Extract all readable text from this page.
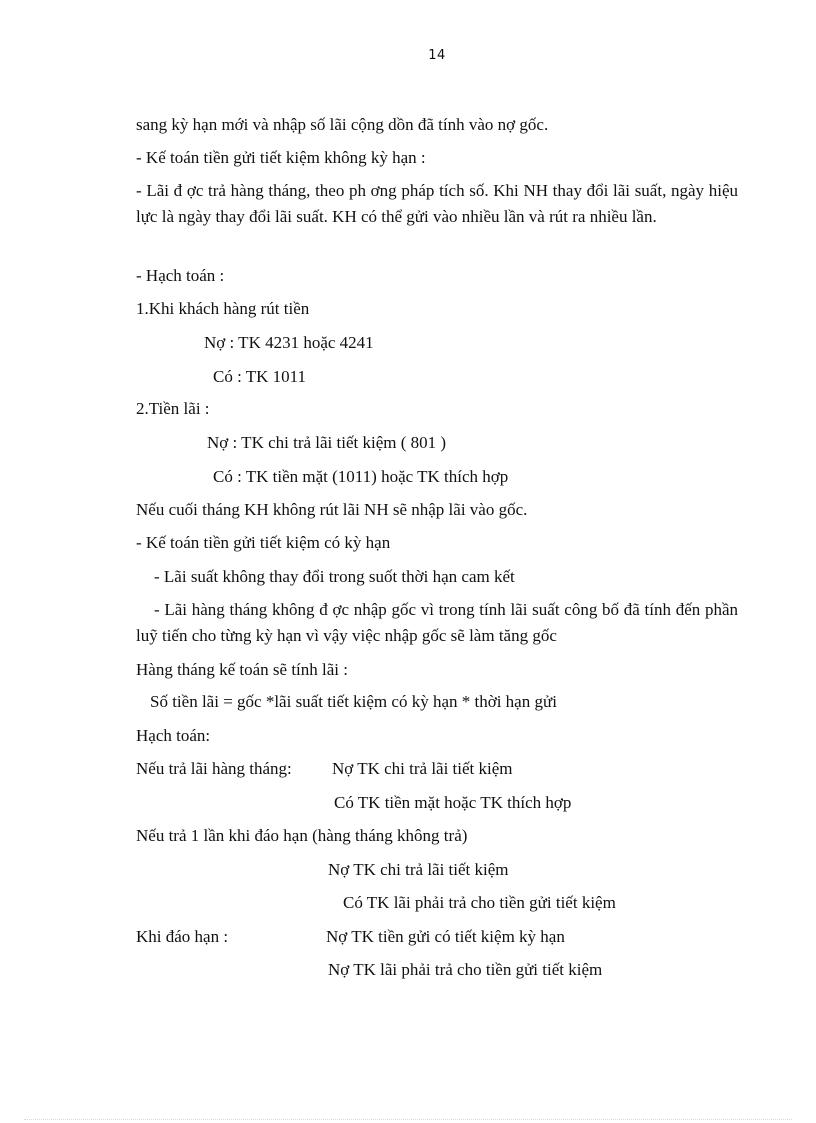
14
sang kỳ hạn mới và nhập số lãi cộng dồn đã tính vào nợ gốc.
- Kế toán tiền gửi tiết kiệm không kỳ hạn :
- Lãi đ ợc trả hàng tháng, theo ph ơng pháp tích số. Khi NH thay đổi lãi suất, ngày hiệu lực là ngày thay đổi lãi suất. KH có thể gửi vào nhiều lần và rút ra nhiều lần.
- Hạch toán :
1.Khi khách hàng rút tiền
Nợ : TK 4231 hoặc 4241
Có : TK 1011
2.Tiền lãi :
Nợ : TK chi trả lãi tiết kiệm ( 801 )
Có : TK tiền mặt (1011) hoặc TK thích hợp
Nếu cuối tháng KH không rút lãi NH sẽ nhập lãi vào gốc.
- Kế toán tiền gửi tiết kiệm có kỳ hạn
- Lãi suất không thay đổi trong suốt thời hạn cam kết
- Lãi hàng tháng không đ ợc nhập gốc vì trong tính lãi suất công bố đã tính đến phần luỹ tiến cho từng kỳ hạn vì vậy việc nhập gốc sẽ làm tăng gốc
Hàng tháng kế toán sẽ tính lãi :
Số tiền lãi = gốc *lãi suất tiết kiệm có kỳ hạn * thời hạn gửi
Hạch toán:
Nếu trả lãi hàng tháng: Nợ TK chi trả lãi tiết kiệm
Có TK tiền mặt hoặc TK thích hợp
Nếu trả 1 lần khi đáo hạn (hàng tháng không trả)
Nợ TK chi trả lãi tiết kiệm
Có TK lãi phải trả cho tiền gửi tiết kiệm
Khi đáo hạn :	Nợ TK tiền gửi có tiết kiệm kỳ hạn
Nợ TK lãi phải trả cho tiền gửi tiết kiệm
